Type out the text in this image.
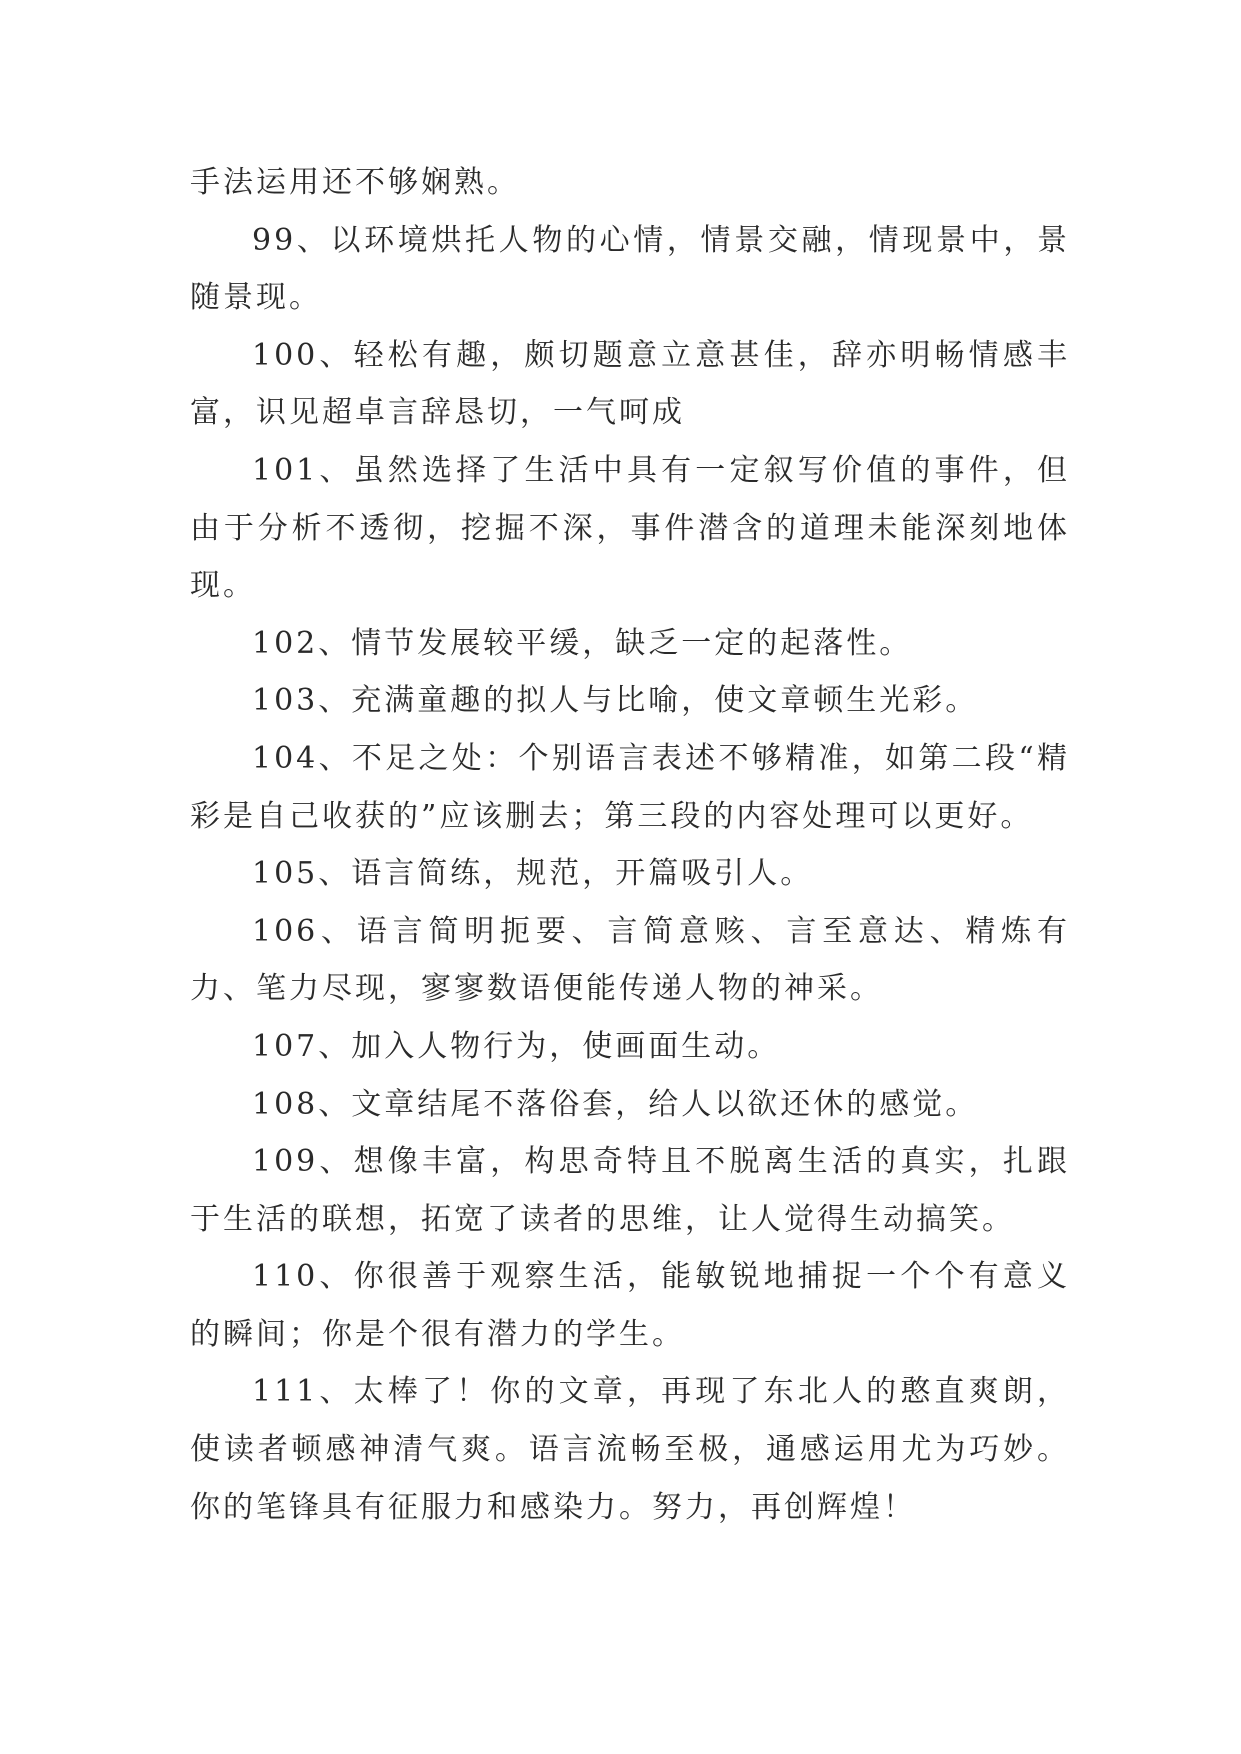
手法运用还不够娴熟。

99、以环境烘托人物的心情，情景交融，情现景中，景随景现。

100、轻松有趣，颇切题意立意甚佳，辞亦明畅情感丰富，识见超卓言辞恳切，一气呵成

101、虽然选择了生活中具有一定叙写价值的事件，但由于分析不透彻，挖掘不深，事件潜含的道理未能深刻地体现。

102、情节发展较平缓，缺乏一定的起落性。

103、充满童趣的拟人与比喻，使文章顿生光彩。

104、不足之处：个别语言表述不够精准，如第二段“精彩是自己收获的”应该删去；第三段的内容处理可以更好。

105、语言简练，规范，开篇吸引人。

106、语言简明扼要、言简意赅、言至意达、精炼有力、笔力尽现，寥寥数语便能传递人物的神采。

107、加入人物行为，使画面生动。

108、文章结尾不落俗套，给人以欲还休的感觉。

109、想像丰富，构思奇特且不脱离生活的真实，扎跟于生活的联想，拓宽了读者的思维，让人觉得生动搞笑。

110、你很善于观察生活，能敏锐地捕捉一个个有意义的瞬间；你是个很有潜力的学生。

111、太棒了！你的文章，再现了东北人的憨直爽朗，使读者顿感神清气爽。语言流畅至极，通感运用尤为巧妙。你的笔锋具有征服力和感染力。努力，再创辉煌！
